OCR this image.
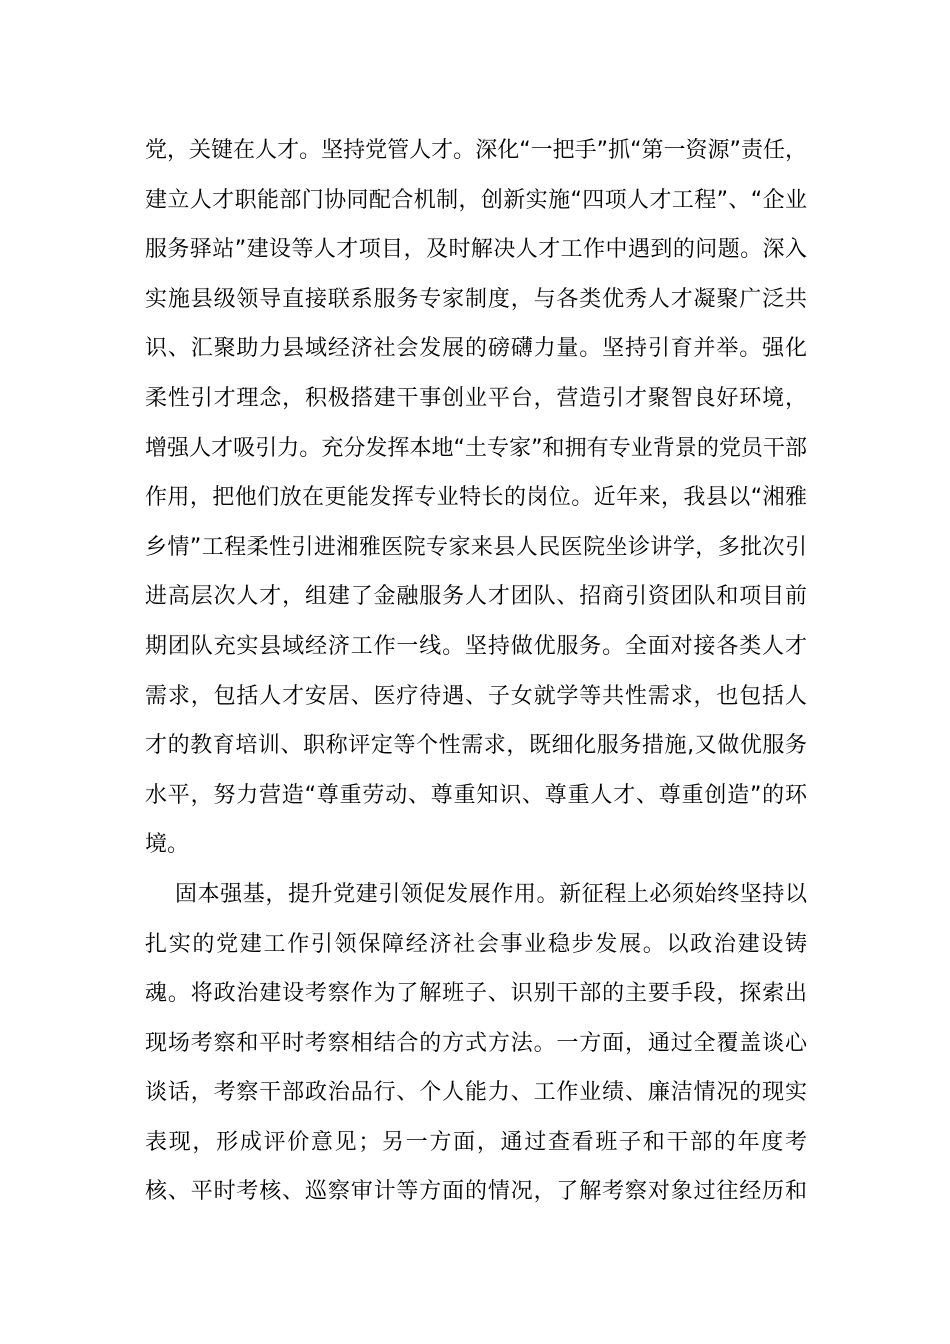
党，关键在人才。坚持党管人才。深化“一把手”抓“第一资源”责任，
建立人才职能部门协同配合机制，创新实施“四项人才工程”、“企业
服务驿站”建设等人才项目，及时解决人才工作中遇到的问题。深入
实施县级领导直接联系服务专家制度，与各类优秀人才凝聚广泛共
识、汇聚助力县域经济社会发展的磅礴力量。坚持引育并举。强化
柔性引才理念，积极搭建干事创业平台，营造引才聚智良好环境，
增强人才吸引力。充分发挥本地“土专家”和拥有专业背景的党员干部
作用，把他们放在更能发挥专业特长的岗位。近年来，我县以“湘雅
乡情”工程柔性引进湘雅医院专家来县人民医院坐诊讲学，多批次引
进高层次人才，组建了金融服务人才团队、招商引资团队和项目前
期团队充实县域经济工作一线。坚持做优服务。全面对接各类人才
需求，包括人才安居、医疗待遇、子女就学等共性需求，也包括人
才的教育培训、职称评定等个性需求，既细化服务措施,又做优服务
水平，努力营造“尊重劳动、尊重知识、尊重人才、尊重创造”的环
境。
固本强基，提升党建引领促发展作用。新征程上必须始终坚持以
扎实的党建工作引领保障经济社会事业稳步发展。以政治建设铸
魂。将政治建设考察作为了解班子、识别干部的主要手段，探索出
现场考察和平时考察相结合的方式方法。一方面，通过全覆盖谈心
谈话，考察干部政治品行、个人能力、工作业绩、廉洁情况的现实
表现，形成评价意见；另一方面，通过查看班子和干部的年度考
核、平时考核、巡察审计等方面的情况，了解考察对象过往经历和
